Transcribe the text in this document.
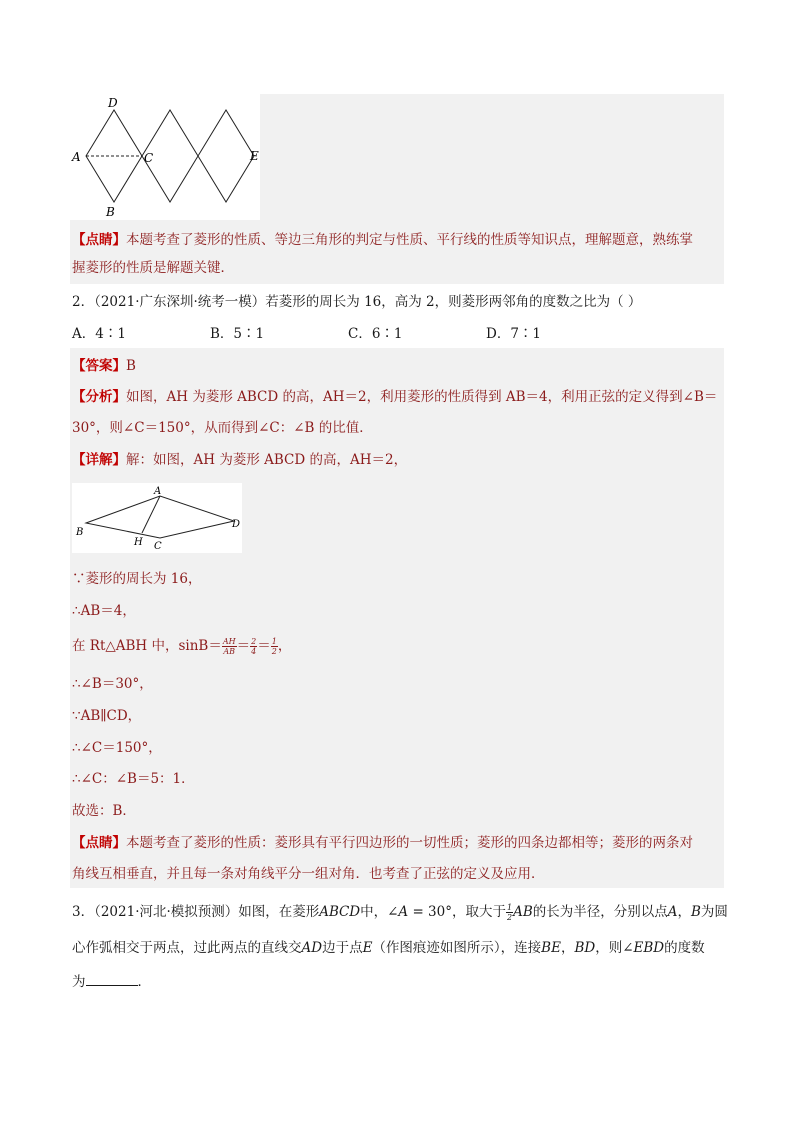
D
A	C	E
B
【点睛】本题考查了菱形的性质、等边三角形的判定与性质、平行线的性质等知识点，理解题意，熟练掌
握菱形的性质是解题关键．
2．（2021·广东深圳·统考一模）若菱形的周长为 16，高为 2，则菱形两邻角的度数之比为（ ）
A．4∶1	B．5∶1	C．6∶1	D．7∶1
【答案】B
【分析】如图，AH 为菱形 ABCD 的高，AH＝2，利用菱形的性质得到 AB＝4，利用正弦的定义得到∠B＝
30°，则∠C＝150°，从而得到∠C：∠B 的比值．
【详解】解：如图，AH 为菱形 ABCD 的高，AH＝2，
A
B
H C
D
∵菱形的周长为 16，
∴AB＝4，
在 Rt△ABH 中，$\sin B= \frac{AH}{AB} = \frac{2}{4} = \frac{1}{2}$ ，
∴∠B＝30°，
∵AB∥CD，
∴∠C＝150°，
∴∠C：∠B＝5：1．
故选：B．
【点睛】本题考查了菱形的性质：菱形具有平行四边形的一切性质；菱形的四条边都相等；菱形的两条对
角线互相垂直，并且每一条对角线平分一组对角．也考查了正弦的定义及应用．
3．（2021·河北·模拟预测）如图，在菱形𝐴𝐵𝐶𝐷中，∠𝐴 = 30°，取大于 $\frac{1}{2}$ 𝐴𝐵的长为半径，分别以点𝐴，𝐵为圆
心作弧相交于两点，过此两点的直线交𝐴𝐷边于点𝐸（作图痕迹如图所示），连接𝐵𝐸，𝐵𝐷，则∠𝐸𝐵𝐷的度数
为	．
